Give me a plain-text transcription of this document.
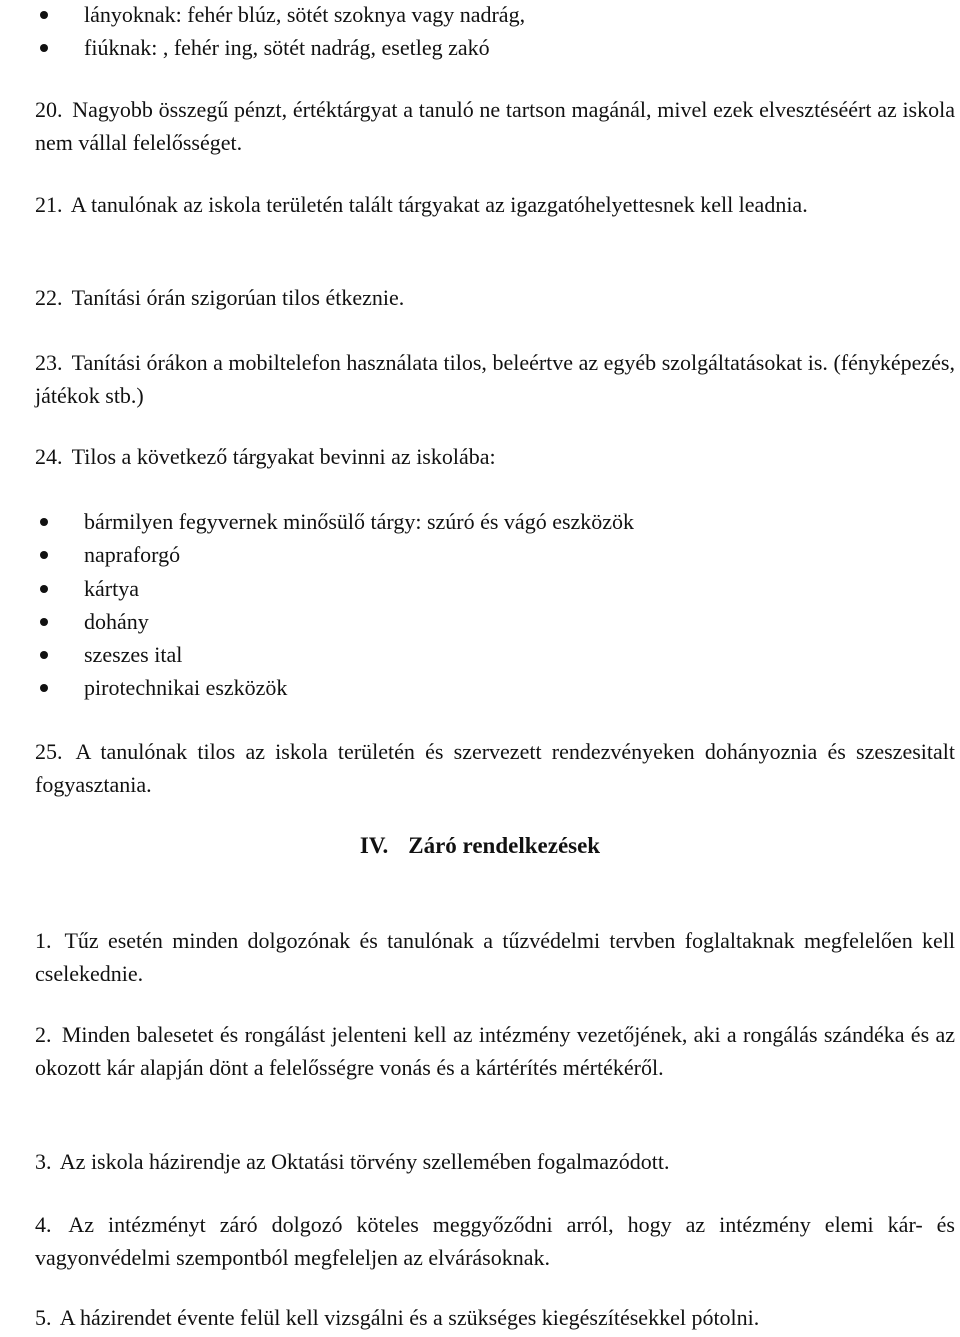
lányoknak: fehér blúz, sötét szoknya vagy nadrág,
fiúknak: , fehér ing, sötét nadrág, esetleg zakó

20. Nagyobb összegű pénzt, értéktárgyat a tanuló ne tartson magánál, mivel ezek elvesztéséért az iskola nem vállal felelősséget.

21. A tanulónak az iskola területén talált tárgyakat az igazgatóhelyettesnek kell leadnia.

22. Tanítási órán szigorúan tilos étkeznie.

23. Tanítási órákon a mobiltelefon használata tilos, beleértve az egyéb szolgáltatásokat is. (fényképezés, játékok stb.)

24. Tilos a következő tárgyakat bevinni az iskolába:

bármilyen fegyvernek minősülő tárgy: szúró és vágó eszközök
napraforgó
kártya
dohány
szeszes ital
pirotechnikai eszközök

25. A tanulónak tilos az iskola területén és szervezett rendezvényeken dohányoznia és szeszesitalt fogyasztania.

IV. Záró rendelkezések

1. Tűz esetén minden dolgozónak és tanulónak a tűzvédelmi tervben foglaltaknak megfelelően kell cselekednie.

2. Minden balesetet és rongálást jelenteni kell az intézmény vezetőjének, aki a rongálás szándéka és az okozott kár alapján dönt a felelősségre vonás és a kártérítés mértékéről.

3. Az iskola házirendje az Oktatási törvény szellemében fogalmazódott.

4. Az intézményt záró dolgozó köteles meggyőződni arról, hogy az intézmény elemi kár- és vagyonvédelmi szempontból megfeleljen az elvárásoknak.

5. A házirendet évente felül kell vizsgálni és a szükséges kiegészítésekkel pótolni.
